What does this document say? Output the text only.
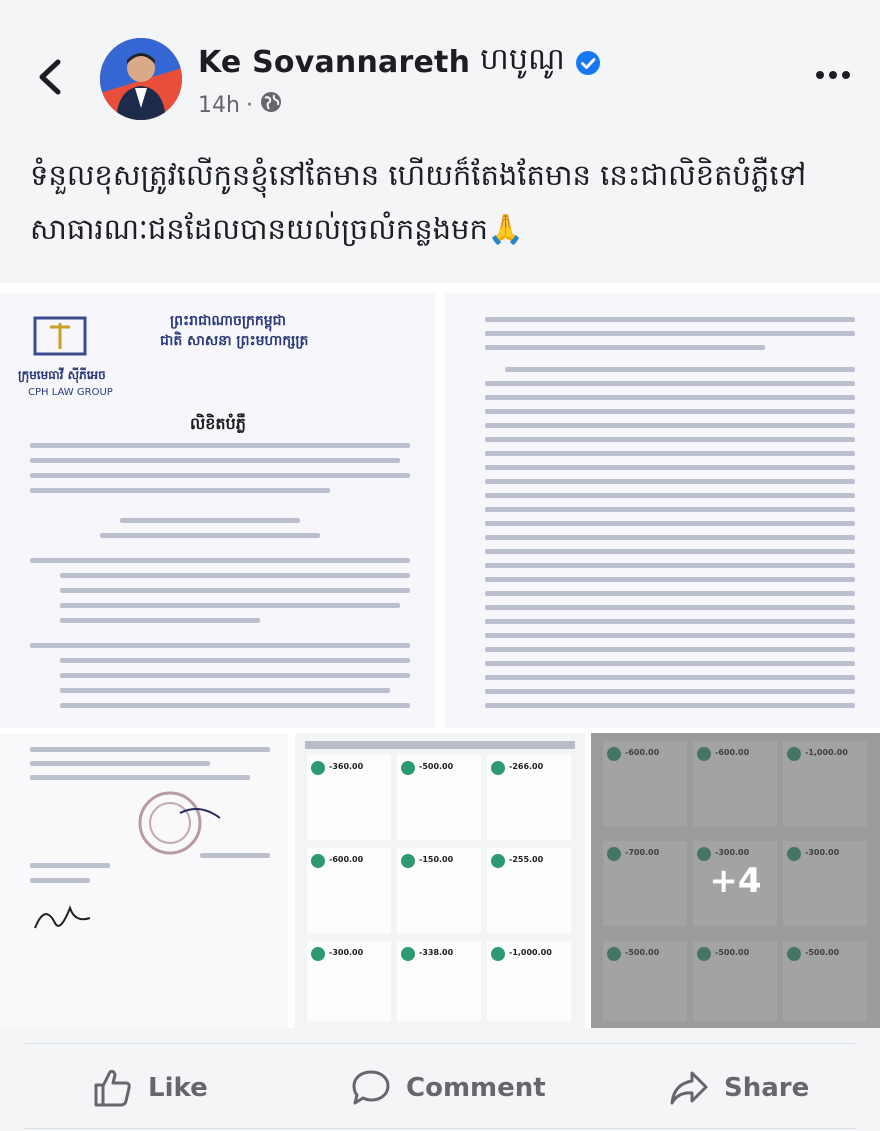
Ke Sovannareth ហបូណូ
14h ·
ទំនួលខុសត្រូវលើកូនខ្ញុំនៅតែមាន ហើយក៏តែងតែមាន នេះជាលិខិតបំភ្លឺទៅសាធារណៈជនដែលបានយល់ច្រលំកន្លងមក🙏
ក្រុមមេធាវី ស៊ីភីអេច
CPH LAW GROUP
ព្រះរាជាណាចក្រកម្ពុជា
ជាតិ សាសនា ព្រះមហាក្សត្រ
លិខិតបំភ្លឺ
-360.00	-500.00	-266.00
-600.00	-150.00	-255.00
-300.00	-338.00	-1,000.00
+4
Like	Comment	Share
